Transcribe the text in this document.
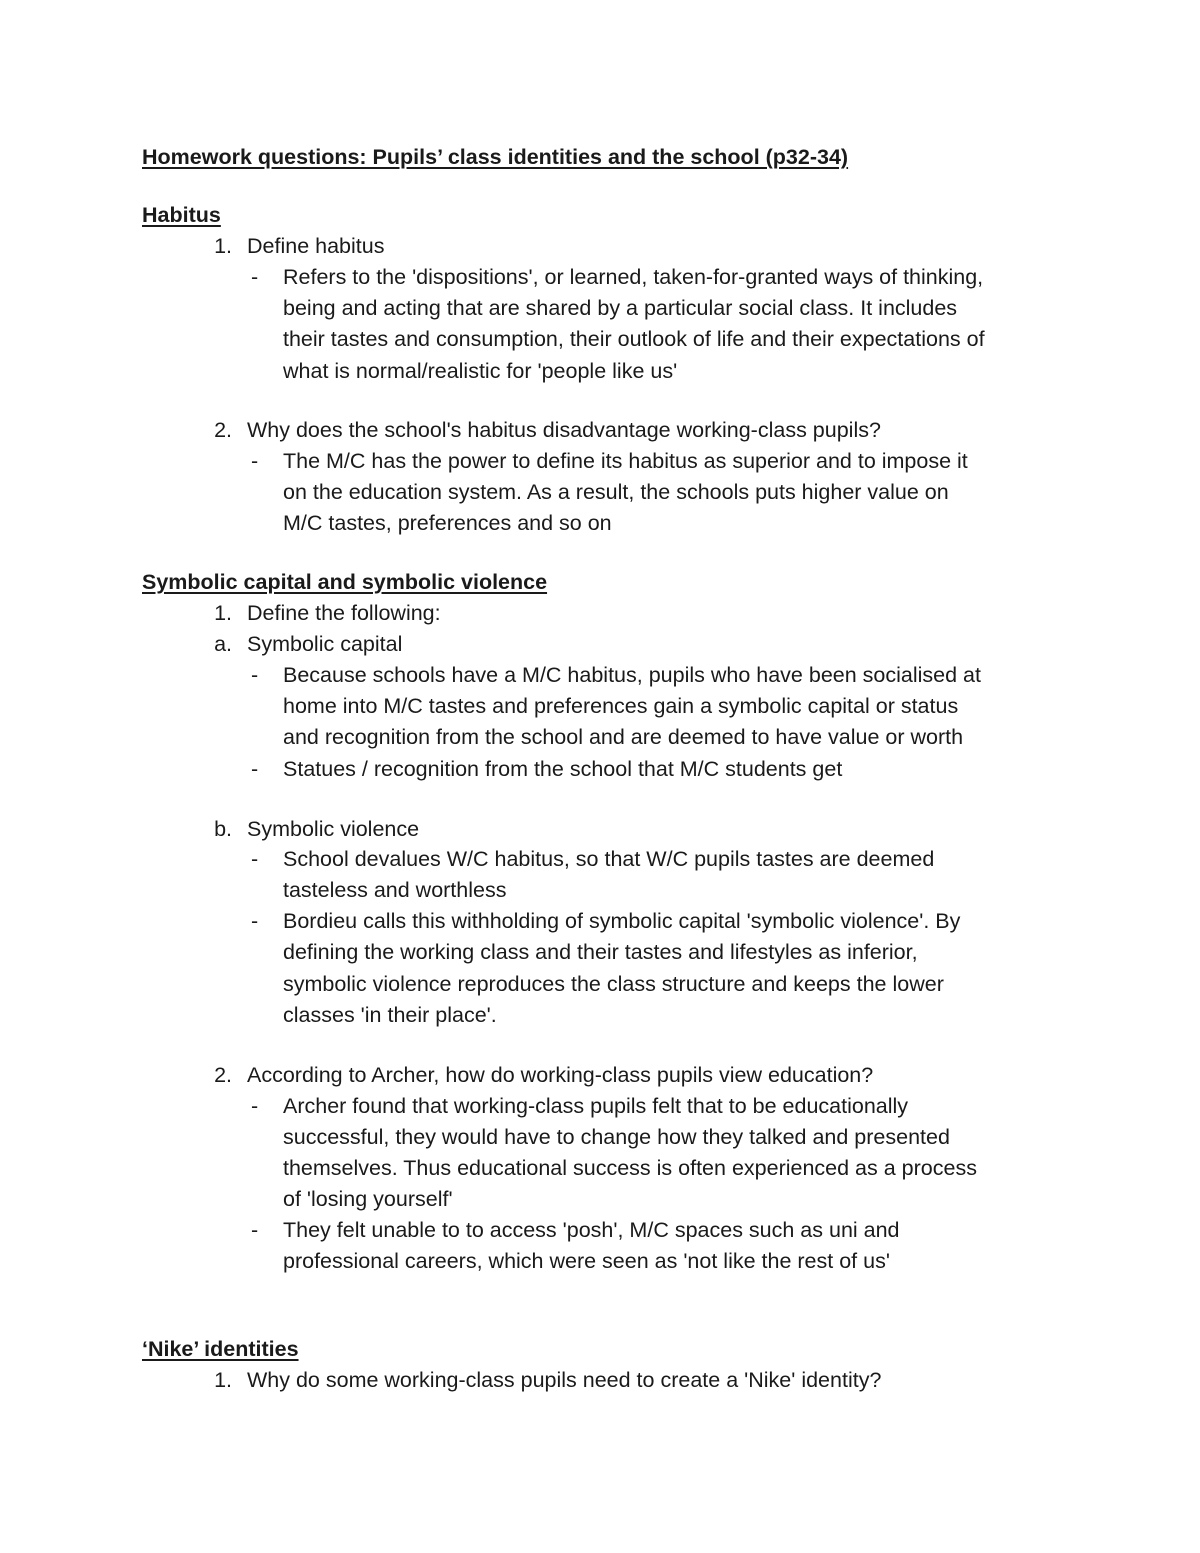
Homework questions: Pupils’ class identities and the school (p32-34)
Habitus
1. Define habitus
- Refers to the 'dispositions', or learned, taken-for-granted ways of thinking,
being and acting that are shared by a particular social class. It includes
their tastes and consumption, their outlook of life and their expectations of
what is normal/realistic for 'people like us'
2. Why does the school's habitus disadvantage working-class pupils?
- The M/C has the power to define its habitus as superior and to impose it
on the education system. As a result, the schools puts higher value on
M/C tastes, preferences and so on
Symbolic capital and symbolic violence
1. Define the following:
a. Symbolic capital
- Because schools have a M/C habitus, pupils who have been socialised at
home into M/C tastes and preferences gain a symbolic capital or status
and recognition from the school and are deemed to have value or worth
- Statues / recognition from the school that M/C students get
b. Symbolic violence
- School devalues W/C habitus, so that W/C pupils tastes are deemed
tasteless and worthless
- Bordieu calls this withholding of symbolic capital 'symbolic violence'. By
defining the working class and their tastes and lifestyles as inferior,
symbolic violence reproduces the class structure and keeps the lower
classes 'in their place'.
2. According to Archer, how do working-class pupils view education?
- Archer found that working-class pupils felt that to be educationally
successful, they would have to change how they talked and presented
themselves. Thus educational success is often experienced as a process
of 'losing yourself'
- They felt unable to to access 'posh', M/C spaces such as uni and
professional careers, which were seen as 'not like the rest of us'
‘Nike’ identities
1. Why do some working-class pupils need to create a 'Nike' identity?
